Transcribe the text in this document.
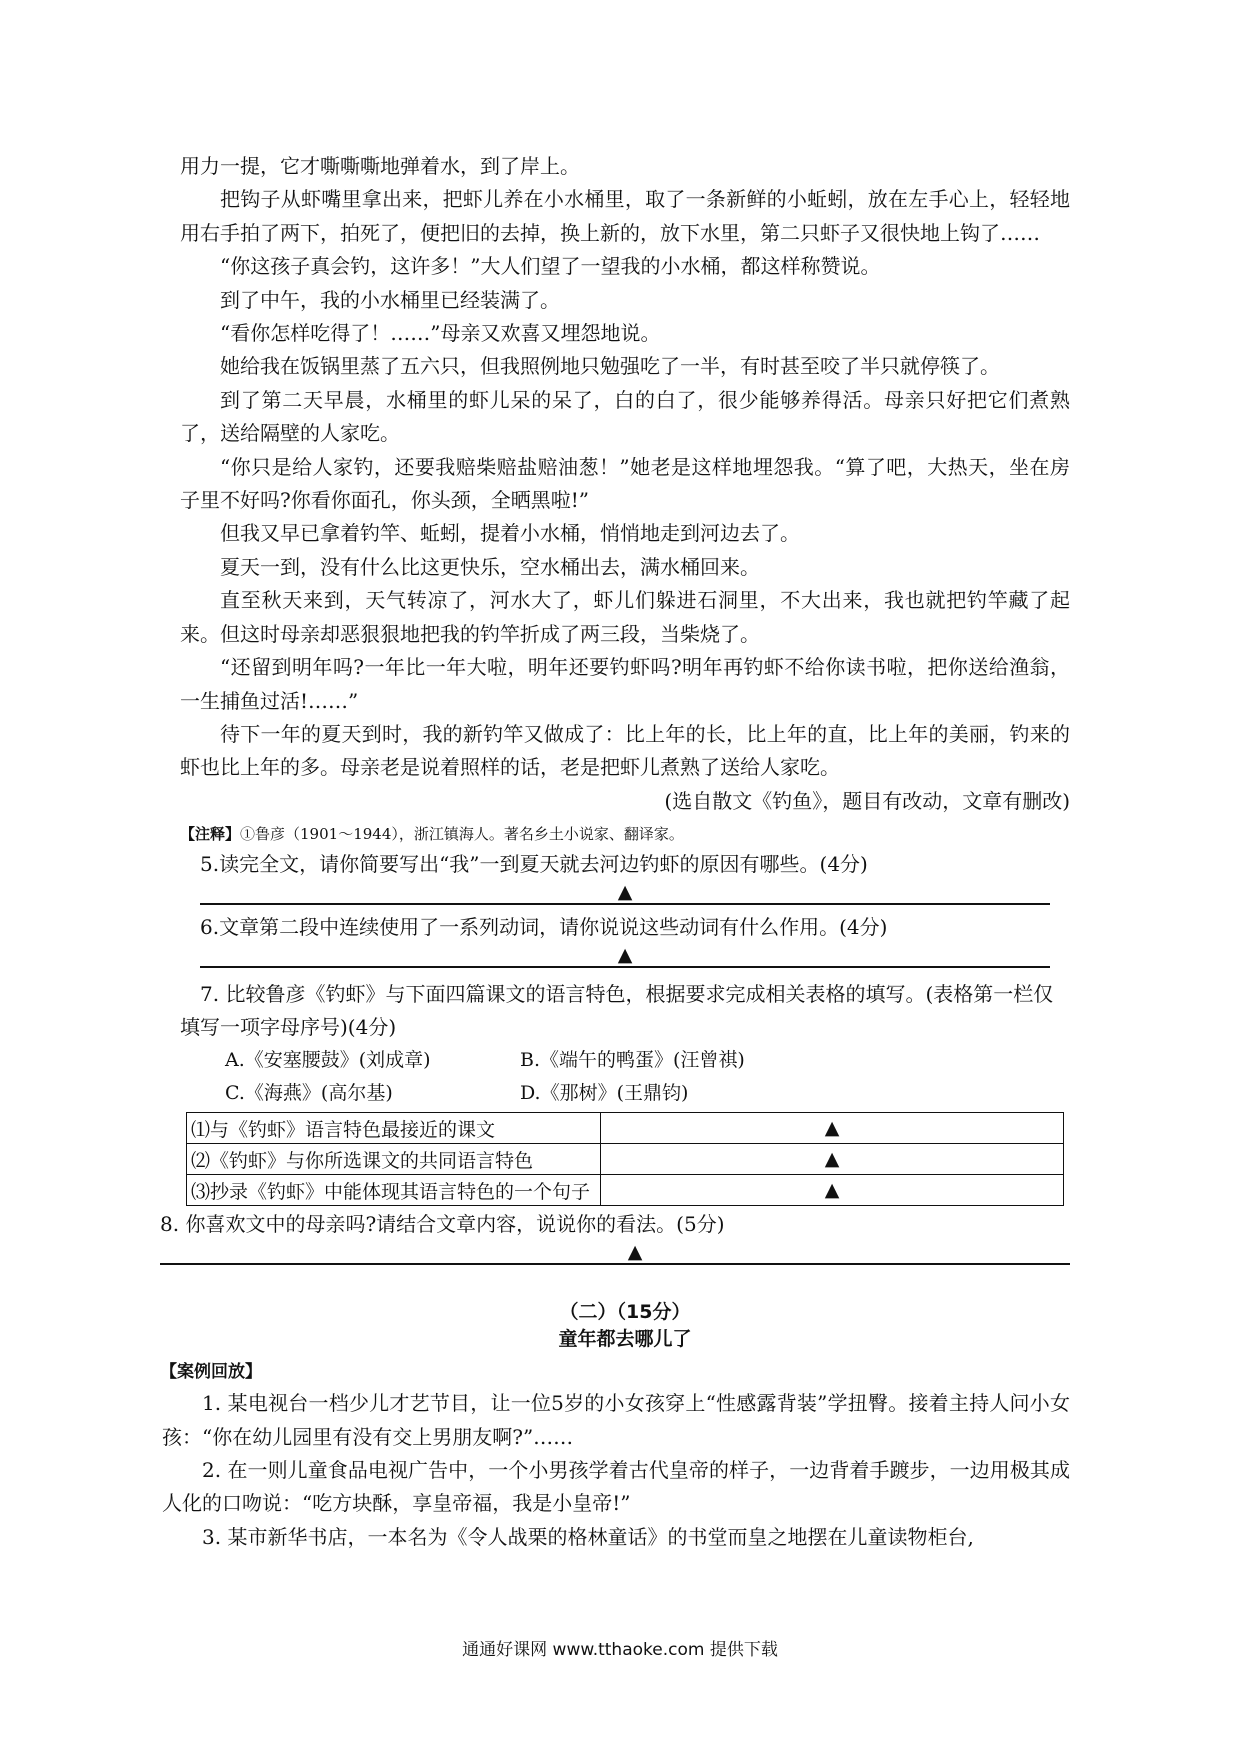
用力一提，它才嘶嘶嘶地弹着水，到了岸上。

把钩子从虾嘴里拿出来，把虾儿养在小水桶里，取了一条新鲜的小蚯蚓，放在左手心上，轻轻地用右手拍了两下，拍死了，便把旧的去掉，换上新的，放下水里，第二只虾子又很快地上钩了……

“你这孩子真会钓，这许多！”大人们望了一望我的小水桶，都这样称赞说。

到了中午，我的小水桶里已经装满了。

“看你怎样吃得了！……”母亲又欢喜又埋怨地说。

她给我在饭锅里蒸了五六只，但我照例地只勉强吃了一半，有时甚至咬了半只就停筷了。

到了第二天早晨，水桶里的虾儿呆的呆了，白的白了，很少能够养得活。母亲只好把它们煮熟了，送给隔壁的人家吃。

“你只是给人家钓，还要我赔柴赔盐赔油葱！”她老是这样地埋怨我。“算了吧，大热天，坐在房子里不好吗?你看你面孔，你头颈，全晒黑啦!”

但我又早已拿着钓竿、蚯蚓，提着小水桶，悄悄地走到河边去了。

夏天一到，没有什么比这更快乐，空水桶出去，满水桶回来。

直至秋天来到，天气转凉了，河水大了，虾儿们躲进石洞里，不大出来，我也就把钓竿藏了起来。但这时母亲却恶狠狠地把我的钓竿折成了两三段，当柴烧了。

“还留到明年吗?一年比一年大啦，明年还要钓虾吗?明年再钓虾不给你读书啦，把你送给渔翁，一生捕鱼过活!……”

待下一年的夏天到时，我的新钓竿又做成了：比上年的长，比上年的直，比上年的美丽，钓来的虾也比上年的多。母亲老是说着照样的话，老是把虾儿煮熟了送给人家吃。

(选自散文《钓鱼》，题目有改动，文章有删改)

【注释】①鲁彦（1901～1944），浙江镇海人。著名乡土小说家、翻译家。
5.读完全文，请你简要写出“我”一到夏天就去河边钓虾的原因有哪些。(4分)
▲
6.文章第二段中连续使用了一系列动词，请你说说这些动词有什么作用。(4分)
▲
7. 比较鲁彦《钓虾》与下面四篇课文的语言特色，根据要求完成相关表格的填写。(表格第一栏仅填写一项字母序号)(4分)
A.《安塞腰鼓》(刘成章)	B.《端午的鸭蛋》(汪曾祺)
C.《海燕》(高尔基)	D.《那树》(王鼎钧)
⑴与《钓虾》语言特色最接近的课文	▲
⑵《钓虾》与你所选课文的共同语言特色	▲
⑶抄录《钓虾》中能体现其语言特色的一个句子	▲
8. 你喜欢文中的母亲吗?请结合文章内容，说说你的看法。(5分)
▲
（二）（15分）
童年都去哪儿了
【案例回放】

1. 某电视台一档少儿才艺节目，让一位5岁的小女孩穿上“性感露背装”学扭臀。接着主持人问小女孩：“你在幼儿园里有没有交上男朋友啊?”……

2. 在一则儿童食品电视广告中，一个小男孩学着古代皇帝的样子，一边背着手踱步，一边用极其成人化的口吻说：“吃方块酥，享皇帝福，我是小皇帝!”

3. 某市新华书店，一本名为《令人战栗的格林童话》的书堂而皇之地摆在儿童读物柜台,

通通好课网 www.tthaoke.com 提供下载
